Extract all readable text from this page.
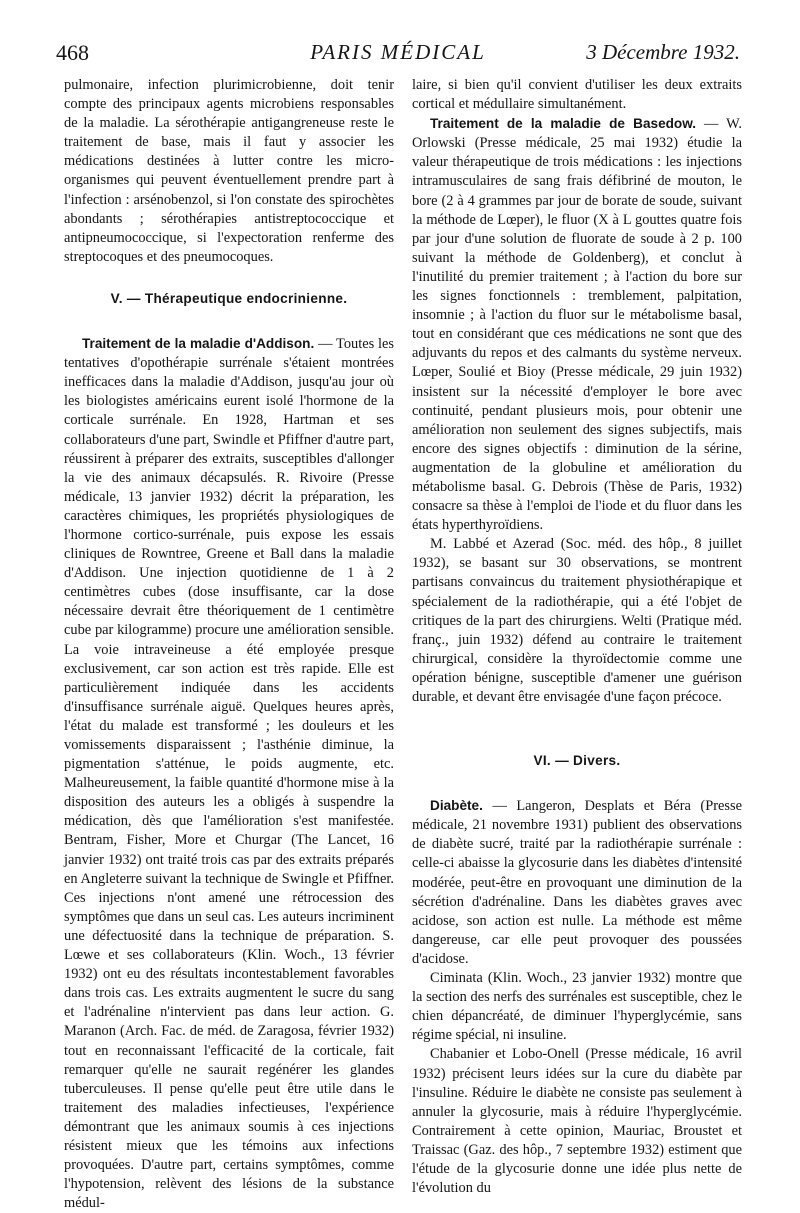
468	PARIS MÉDICAL	3 Décembre 1932.

pulmonaire, infection plurimicrobienne, doit tenir compte des principaux agents microbiens responsables de la maladie. La sérothérapie antigangreneuse reste le traitement de base, mais il faut y associer les médications destinées à lutter contre les micro-organismes qui peuvent éventuellement prendre part à l'infection : arsénobenzol, si l'on constate des spirochètes abondants ; sérothérapies antistreptococcique et antipneumococcique, si l'expectoration renferme des streptocoques et des pneumocoques.

V. — Thérapeutique endocrinienne.

Traitement de la maladie d'Addison. — Toutes les tentatives d'opothérapie surrénale s'étaient montrées inefficaces dans la maladie d'Addison, jusqu'au jour où les biologistes américains eurent isolé l'hormone de la corticale surrénale. En 1928, Hartman et ses collaborateurs d'une part, Swindle et Pfiffner d'autre part, réussirent à préparer des extraits, susceptibles d'allonger la vie des animaux décapsulés. R. Rivoire (Presse médicale, 13 janvier 1932) décrit la préparation, les caractères chimiques, les propriétés physiologiques de l'hormone cortico-surrénale, puis expose les essais cliniques de Rowntree, Greene et Ball dans la maladie d'Addison. Une injection quotidienne de 1 à 2 centimètres cubes (dose insuffisante, car la dose nécessaire devrait être théoriquement de 1 centimètre cube par kilogramme) procure une amélioration sensible. La voie intraveineuse a été employée presque exclusivement, car son action est très rapide. Elle est particulièrement indiquée dans les accidents d'insuffisance surrénale aiguë. Quelques heures après, l'état du malade est transformé ; les douleurs et les vomissements disparaissent ; l'asthénie diminue, la pigmentation s'atténue, le poids augmente, etc. Malheureusement, la faible quantité d'hormone mise à la disposition des auteurs les a obligés à suspendre la médication, dès que l'amélioration s'est manifestée. Bentram, Fisher, More et Churgar (The Lancet, 16 janvier 1932) ont traité trois cas par des extraits préparés en Angleterre suivant la technique de Swingle et Pfiffner. Ces injections n'ont amené une rétrocession des symptômes que dans un seul cas. Les auteurs incriminent une défectuosité dans la technique de préparation. S. Lœwe et ses collaborateurs (Klin. Woch., 13 février 1932) ont eu des résultats incontestablement favorables dans trois cas. Les extraits augmentent le sucre du sang et l'adrénaline n'intervient pas dans leur action. G. Maranon (Arch. Fac. de méd. de Zaragosa, février 1932) tout en reconnaissant l'efficacité de la corticale, fait remarquer qu'elle ne saurait regénérer les glandes tuberculeuses. Il pense qu'elle peut être utile dans le traitement des maladies infectieuses, l'expérience démontrant que les animaux soumis à ces injections résistent mieux que les témoins aux infections provoquées. D'autre part, certains symptômes, comme l'hypotension, relèvent des lésions de la substance médul-

laire, si bien qu'il convient d'utiliser les deux extraits cortical et médullaire simultanément.

Traitement de la maladie de Basedow. — W. Orlowski (Presse médicale, 25 mai 1932) étudie la valeur thérapeutique de trois médications : les injections intramusculaires de sang frais défibriné de mouton, le bore (2 à 4 grammes par jour de borate de soude, suivant la méthode de Lœper), le fluor (X à L gouttes quatre fois par jour d'une solution de fluorate de soude à 2 p. 100 suivant la méthode de Goldenberg), et conclut à l'inutilité du premier traitement ; à l'action du bore sur les signes fonctionnels : tremblement, palpitation, insomnie ; à l'action du fluor sur le métabolisme basal, tout en considérant que ces médications ne sont que des adjuvants du repos et des calmants du système nerveux. Lœper, Soulié et Bioy (Presse médicale, 29 juin 1932) insistent sur la nécessité d'employer le bore avec continuité, pendant plusieurs mois, pour obtenir une amélioration non seulement des signes subjectifs, mais encore des signes objectifs : diminution de la sérine, augmentation de la globuline et amélioration du métabolisme basal. G. Debrois (Thèse de Paris, 1932) consacre sa thèse à l'emploi de l'iode et du fluor dans les états hyperthyroïdiens.

M. Labbé et Azerad (Soc. méd. des hôp., 8 juillet 1932), se basant sur 30 observations, se montrent partisans convaincus du traitement physiothérapique et spécialement de la radiothérapie, qui a été l'objet de critiques de la part des chirurgiens. Welti (Pratique méd. franç., juin 1932) défend au contraire le traitement chirurgical, considère la thyroïdectomie comme une opération bénigne, susceptible d'amener une guérison durable, et devant être envisagée d'une façon précoce.

VI. — Divers.

Diabète. — Langeron, Desplats et Béra (Presse médicale, 21 novembre 1931) publient des observations de diabète sucré, traité par la radiothérapie surrénale : celle-ci abaisse la glycosurie dans les diabètes d'intensité modérée, peut-être en provoquant une diminution de la sécrétion d'adrénaline. Dans les diabètes graves avec acidose, son action est nulle. La méthode est même dangereuse, car elle peut provoquer des poussées d'acidose.

Ciminata (Klin. Woch., 23 janvier 1932) montre que la section des nerfs des surrénales est susceptible, chez le chien dépancréaté, de diminuer l'hyperglycémie, sans régime spécial, ni insuline.

Chabanier et Lobo-Onell (Presse médicale, 16 avril 1932) précisent leurs idées sur la cure du diabète par l'insuline. Réduire le diabète ne consiste pas seulement à annuler la glycosurie, mais à réduire l'hyperglycémie. Contrairement à cette opinion, Mauriac, Broustet et Traissac (Gaz. des hôp., 7 septembre 1932) estiment que l'étude de la glycosurie donne une idée plus nette de l'évolution du
